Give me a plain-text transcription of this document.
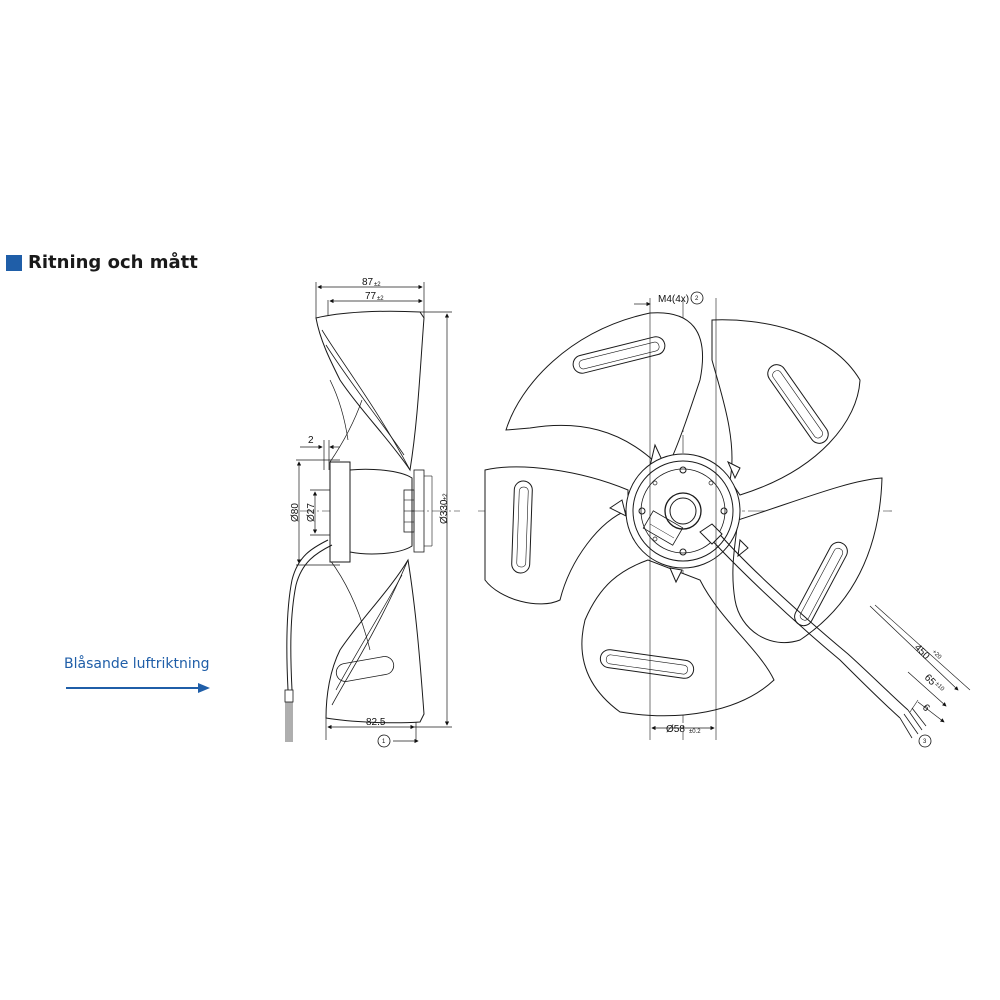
Ritning och mått
Blåsande luftriktning
87 ±2
77 ±2
2
Ø80 Ø27	Ø330
±2
82.5
1
M4(4x) 2
Ø58 ±0.2
450 +20
65
±10
6
3
